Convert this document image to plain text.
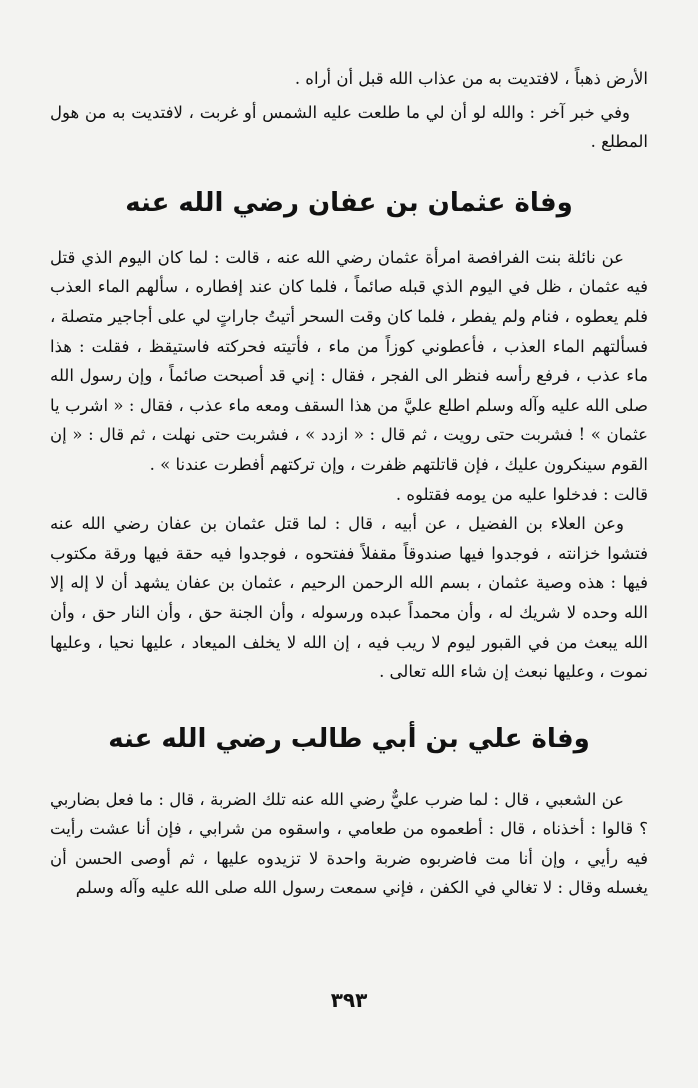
الأرض ذهباً ، لافتديت به من عذاب الله قبل أن أراه .

وفي خبر آخر : والله لو أن لي ما طلعت عليه الشمس أو غربت ، لافتديت به من هول المطلع .

وفاة عثمان بن عفان رضي الله عنه

عن نائلة بنت الفرافصة امرأة عثمان رضي الله عنه ، قالت : لما كان اليوم الذي قتل فيه عثمان ، ظل في اليوم الذي قبله صائماً ، فلما كان عند إفطاره ، سألهم الماء العذب فلم يعطوه ، فنام ولم يفطر ، فلما كان وقت السحر أتيتُ جاراتٍ لي على أجاجير متصلة ، فسألتهم الماء العذب ، فأعطوني كوزاً من ماء ، فأتيته فحركته فاستيقظ ، فقلت : هذا ماء عذب ، فرفع رأسه فنظر الى الفجر ، فقال : إني قد أصبحت صائماً ، وإن رسول الله صلى الله عليه وآله وسلم اطلع عليَّ من هذا السقف ومعه ماء عذب ، فقال : « اشرب يا عثمان » ! فشربت حتى رويت ، ثم قال : « ازدد » ، فشربت حتى نهلت ، ثم قال : « إن القوم سينكرون عليك ، فإن قاتلتهم ظفرت ، وإن تركتهم أفطرت عندنا » .

قالت : فدخلوا عليه من يومه فقتلوه .

وعن العلاء بن الفضيل ، عن أبيه ، قال : لما قتل عثمان بن عفان رضي الله عنه فتشوا خزانته ، فوجدوا فيها صندوقاً مقفلاً ففتحوه ، فوجدوا فيه حقة فيها ورقة مكتوب فيها : هذه وصية عثمان ، بسم الله الرحمن الرحيم ، عثمان بن عفان يشهد أن لا إله إلا الله وحده لا شريك له ، وأن محمداً عبده ورسوله ، وأن الجنة حق ، وأن النار حق ، وأن الله يبعث من في القبور ليوم لا ريب فيه ، إن الله لا يخلف الميعاد ، عليها نحيا ، وعليها نموت ، وعليها نبعث إن شاء الله تعالى .

وفاة علي بن أبي طالب رضي الله عنه

عن الشعبي ، قال : لما ضرب عليٌّ رضي الله عنه تلك الضربة ، قال : ما فعل بضاربي ؟ قالوا : أخذناه ، قال : أطعموه من طعامي ، واسقوه من شرابي ، فإن أنا عشت رأيت فيه رأيي ، وإن أنا مت فاضربوه ضربة واحدة لا تزيدوه عليها ، ثم أوصى الحسن أن يغسله وقال : لا تغالي في الكفن ، فإني سمعت رسول الله صلى الله عليه وآله وسلم

٣٩٣
